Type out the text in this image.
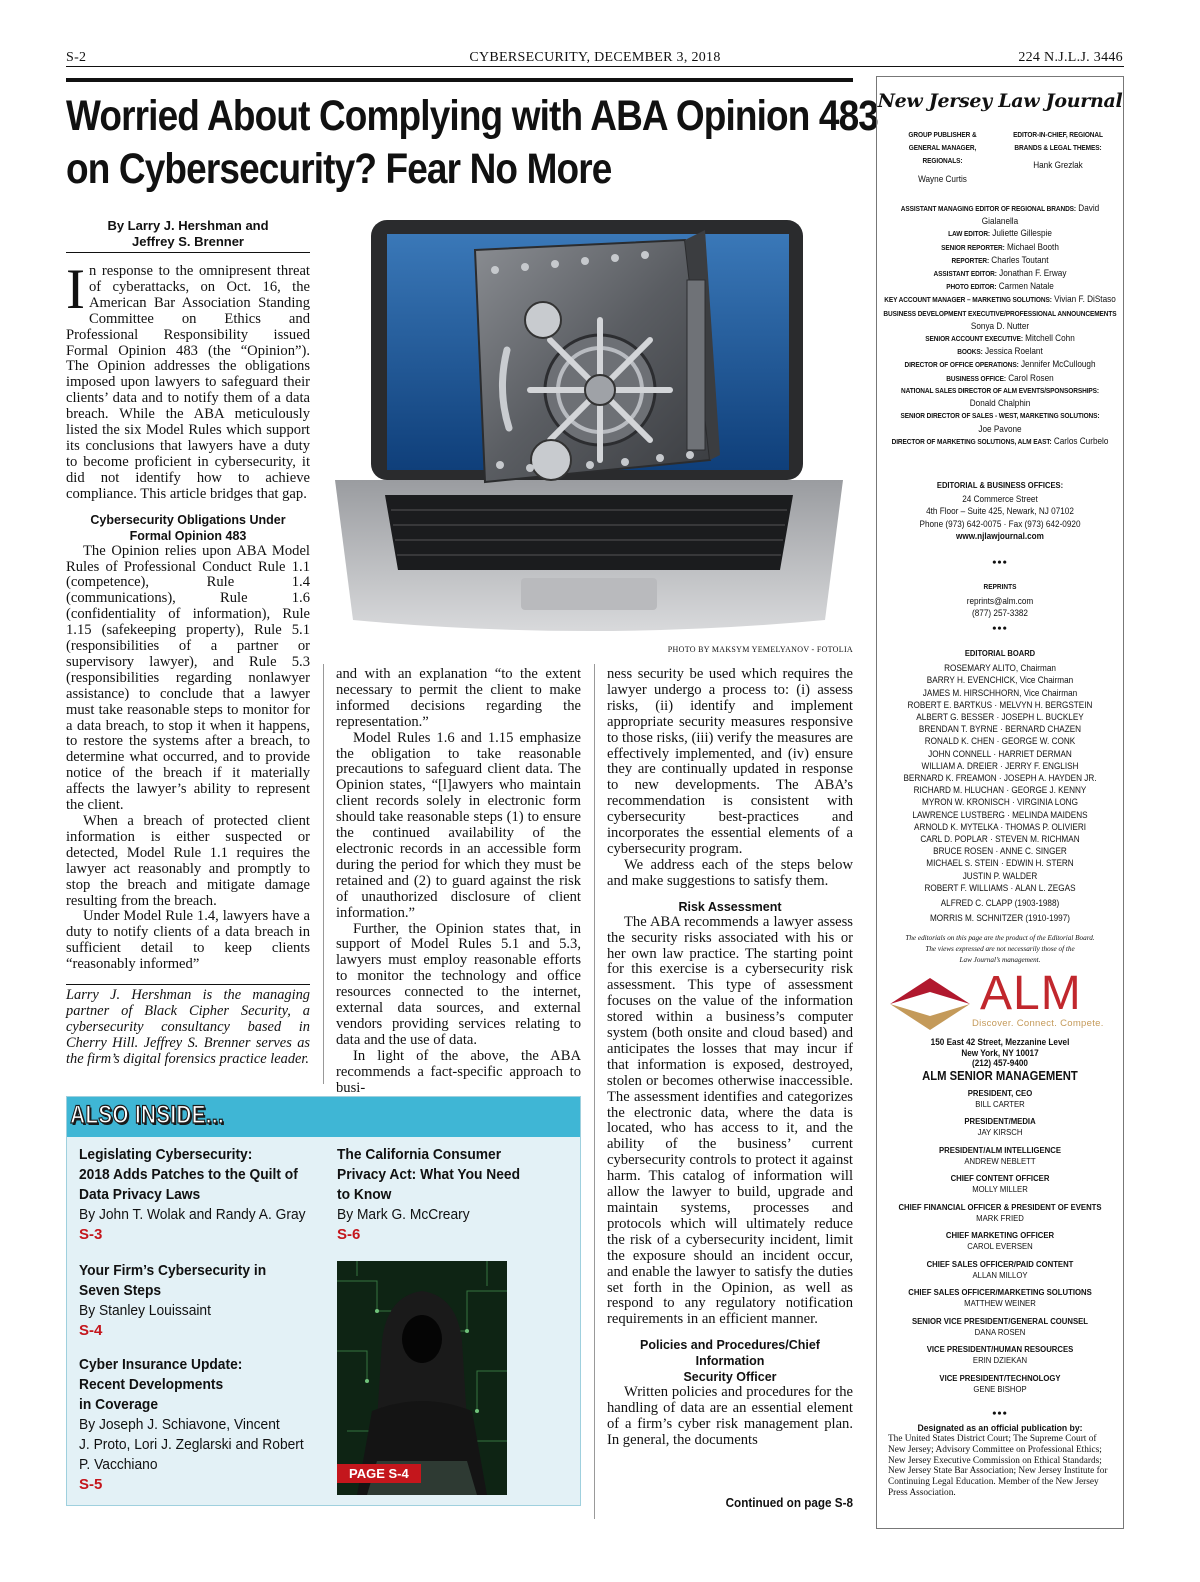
S-2	CYBERSECURITY, DECEMBER 3, 2018	224 N.J.L.J. 3446
Worried About Complying with ABA Opinion 483
on Cybersecurity? Fear No More
By Larry J. Hershman and
Jeffrey S. Brenner

In response to the omnipresent threat of cyberattacks, on Oct. 16, the American Bar Association Standing Committee on Ethics and Professional Responsibility issued Formal Opinion 483 (the “Opinion”). The Opinion addresses the obligations imposed upon lawyers to safeguard their clients’ data and to notify them of a data breach. While the ABA meticulously listed the six Model Rules which support its conclusions that lawyers have a duty to become proficient in cybersecurity, it did not identify how to achieve compliance. This article bridges that gap.

Cybersecurity Obligations Under
Formal Opinion 483

The Opinion relies upon ABA Model Rules of Professional Conduct Rule 1.1 (competence), Rule 1.4 (communications), Rule 1.6 (confidentiality of information), Rule 1.15 (safekeeping property), Rule 5.1 (responsibilities of a partner or supervisory lawyer), and Rule 5.3 (responsibilities regarding nonlawyer assistance) to conclude that a lawyer must take reasonable steps to monitor for a data breach, to stop it when it happens, to restore the systems after a breach, to determine what occurred, and to provide notice of the breach if it materially affects the lawyer’s ability to represent the client.

When a breach of protected client information is either suspected or detected, Model Rule 1.1 requires the lawyer act reasonably and promptly to stop the breach and mitigate damage resulting from the breach.

Under Model Rule 1.4, lawyers have a duty to notify clients of a data breach in sufficient detail to keep clients “reasonably informed”

Larry J. Hershman is the managing partner of Black Cipher Security, a cybersecurity consultancy based in Cherry Hill. Jeffrey S. Brenner serves as the firm’s digital forensics practice leader.
PHOTO BY MAKSYM YEMELYANOV - FOTOLIA

and with an explanation “to the extent necessary to permit the client to make informed decisions regarding the representation.”

Model Rules 1.6 and 1.15 emphasize the obligation to take reasonable precautions to safeguard client data. The Opinion states, “[l]awyers who maintain client records solely in electronic form should take reasonable steps (1) to ensure the continued availability of the electronic records in an accessible form during the period for which they must be retained and (2) to guard against the risk of unauthorized disclosure of client information.”

Further, the Opinion states that, in support of Model Rules 5.1 and 5.3, lawyers must employ reasonable efforts to monitor the technology and office resources connected to the internet, external data sources, and external vendors providing services relating to data and the use of data.

In light of the above, the ABA recommends a fact-specific approach to busi-

ness security be used which requires the lawyer undergo a process to: (i) assess risks, (ii) identify and implement appropriate security measures responsive to those risks, (iii) verify the measures are effectively implemented, and (iv) ensure they are continually updated in response to new developments. The ABA’s recommendation is consistent with cybersecurity best-practices and incorporates the essential elements of a cybersecurity program.

We address each of the steps below and make suggestions to satisfy them.

Risk Assessment

The ABA recommends a lawyer assess the security risks associated with his or her own law practice. The starting point for this exercise is a cybersecurity risk assessment. This type of assessment focuses on the value of the information stored within a business’s computer system (both onsite and cloud based) and anticipates the losses that may incur if that information is exposed, destroyed, stolen or becomes otherwise inaccessible. The assessment identifies and categorizes the electronic data, where the data is located, who has access to it, and the ability of the business’ current cybersecurity controls to protect it against harm. This catalog of information will allow the lawyer to build, upgrade and maintain systems, processes and protocols which will ultimately reduce the risk of a cybersecurity incident, limit the exposure should an incident occur, and enable the lawyer to satisfy the duties set forth in the Opinion, as well as respond to any regulatory notification requirements in an efficient manner.

Policies and Procedures/Chief Information
Security Officer

Written policies and procedures for the handling of data are an essential element of a firm’s cyber risk management plan. In general, the documents

Continued on page S-8
ALSO INSIDE...
Legislating Cybersecurity:
2018 Adds Patches to the Quilt of
Data Privacy Laws
By John T. Wolak and Randy A. Gray
S-3
Your Firm’s Cybersecurity in
Seven Steps
By Stanley Louissaint
S-4
Cyber Insurance Update:
Recent Developments
in Coverage
By Joseph J. Schiavone, Vincent
J. Proto, Lori J. Zeglarski and Robert
P. Vacchiano
S-5
The California Consumer
Privacy Act: What You Need
to Know
By Mark G. McCreary
S-6
PAGE S-4
New Jersey Law Journal
GROUP PUBLISHER &
GENERAL MANAGER, REGIONALS:
Wayne Curtis
EDITOR-IN-CHIEF, REGIONAL
BRANDS & LEGAL THEMES:
Hank Grezlak
ASSISTANT MANAGING EDITOR OF REGIONAL BRANDS: David Gialanella
LAW EDITOR: Juliette Gillespie
SENIOR REPORTER: Michael Booth
REPORTER: Charles Toutant
ASSISTANT EDITOR: Jonathan F. Erway
PHOTO EDITOR: Carmen Natale
KEY ACCOUNT MANAGER – MARKETING SOLUTIONS: Vivian F. DiStaso
BUSINESS DEVELOPMENT EXECUTIVE/PROFESSIONAL ANNOUNCEMENTS
Sonya D. Nutter
SENIOR ACCOUNT EXECUTIVE: Mitchell Cohn
BOOKS: Jessica Roelant
DIRECTOR OF OFFICE OPERATIONS: Jennifer McCullough
BUSINESS OFFICE: Carol Rosen
NATIONAL SALES DIRECTOR OF ALM EVENTS/SPONSORSHIPS:
Donald Chalphin
SENIOR DIRECTOR OF SALES - WEST, MARKETING SOLUTIONS:
Joe Pavone
DIRECTOR OF MARKETING SOLUTIONS, ALM EAST: Carlos Curbelo
EDITORIAL & BUSINESS OFFICES:
24 Commerce Street
4th Floor – Suite 425, Newark, NJ 07102
Phone (973) 642-0075 · Fax (973) 642-0920
www.njlawjournal.com
•••
REPRINTS
reprints@alm.com
(877) 257-3382
•••
EDITORIAL BOARD
ROSEMARY ALITO, Chairman
BARRY H. EVENCHICK, Vice Chairman
JAMES M. HIRSCHHORN, Vice Chairman
ROBERT E. BARTKUS · MELVYN H. BERGSTEIN
ALBERT G. BESSER · JOSEPH L. BUCKLEY
BRENDAN T. BYRNE · BERNARD CHAZEN
RONALD K. CHEN · GEORGE W. CONK
JOHN CONNELL · HARRIET DERMAN
WILLIAM A. DREIER · JERRY F. ENGLISH
BERNARD K. FREAMON · JOSEPH A. HAYDEN JR.
RICHARD M. HLUCHAN · GEORGE J. KENNY
MYRON W. KRONISCH · VIRGINIA LONG
LAWRENCE LUSTBERG · MELINDA MAIDENS
ARNOLD K. MYTELKA · THOMAS P. OLIVIERI
CARL D. POPLAR · STEVEN M. RICHMAN
BRUCE ROSEN · ANNE C. SINGER
MICHAEL S. STEIN · EDWIN H. STERN
JUSTIN P. WALDER
ROBERT F. WILLIAMS · ALAN L. ZEGAS
ALFRED C. CLAPP (1903-1988)
MORRIS M. SCHNITZER (1910-1997)
The editorials on this page are the product of the Editorial Board.
The views expressed are not necessarily those of the
Law Journal’s management.
ALM
Discover. Connect. Compete.
150 East 42 Street, Mezzanine Level
New York, NY 10017
(212) 457-9400
ALM SENIOR MANAGEMENT
PRESIDENT, CEO
BILL CARTER
PRESIDENT/MEDIA
JAY KIRSCH
PRESIDENT/ALM INTELLIGENCE
ANDREW NEBLETT
CHIEF CONTENT OFFICER
MOLLY MILLER
CHIEF FINANCIAL OFFICER & PRESIDENT OF EVENTS
MARK FRIED
CHIEF MARKETING OFFICER
CAROL EVERSEN
CHIEF SALES OFFICER/PAID CONTENT
ALLAN MILLOY
CHIEF SALES OFFICER/MARKETING SOLUTIONS
MATTHEW WEINER
SENIOR VICE PRESIDENT/GENERAL COUNSEL
DANA ROSEN
VICE PRESIDENT/HUMAN RESOURCES
ERIN DZIEKAN
VICE PRESIDENT/TECHNOLOGY
GENE BISHOP
•••
Designated as an official publication by:
The United States District Court; The Supreme Court of New Jersey; Advisory Committee on Professional Ethics; New Jersey Executive Commission on Ethical Standards; New Jersey State Bar Association; New Jersey Institute for Continuing Legal Education. Member of the New Jersey Press Association.
